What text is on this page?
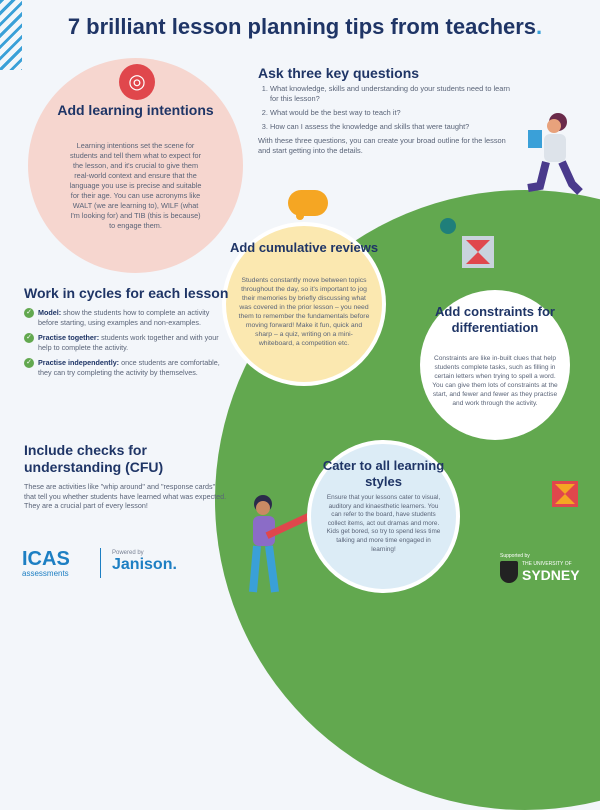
7 brilliant lesson planning tips from teachers.
◎
Add learning intentions

Learning intentions set the scene for students and tell them what to expect for the lesson, and it's crucial to give them real-world context and ensure that the language you use is precise and suitable for their age. You can use acronyms like WALT (we are learning to), WILF (what I'm looking for) and TIB (this is because) to engage them.

Ask three key questions
1. What knowledge, skills and understanding do your students need to learn for this lesson?
2. What would be the best way to teach it?
3. How can I assess the knowledge and skills that were taught?

With these three questions, you can create your broad outline for the lesson and start getting into the details.

Add cumulative reviews

Students constantly move between topics throughout the day, so it's important to jog their memories by briefly discussing what was covered in the prior lesson – you need them to remember the fundamentals before moving forward! Make it fun, quick and sharp – a quiz, writing on a mini-whiteboard, a competition etc.

Add constraints for differentiation

Constraints are like in-built clues that help students complete tasks, such as filling in certain letters when trying to spell a word. You can give them lots of constraints at the start, and fewer and fewer as they practise and work through the activity.

Work in cycles for each lesson
✓ Model: show the students how to complete an activity before starting, using examples and non-examples.
✓ Practise together: students work together and with your help to complete the activity.
✓ Practise independently: once students are comfortable, they can try completing the activity by themselves.
Include checks for understanding (CFU)
These are activities like "whip around" and "response cards" that tell you whether students have learned what was expected. They are a crucial part of every lesson!
Cater to all learning styles

Ensure that your lessons cater to visual, auditory and kinaesthetic learners. You can refer to the board, have students collect items, act out dramas and more. Kids get bored, so try to spend less time talking and more time engaged in learning!

ICAS
assessments
Powered by
Janison.	Supported by
THE UNIVERSITY OF
SYDNEY
